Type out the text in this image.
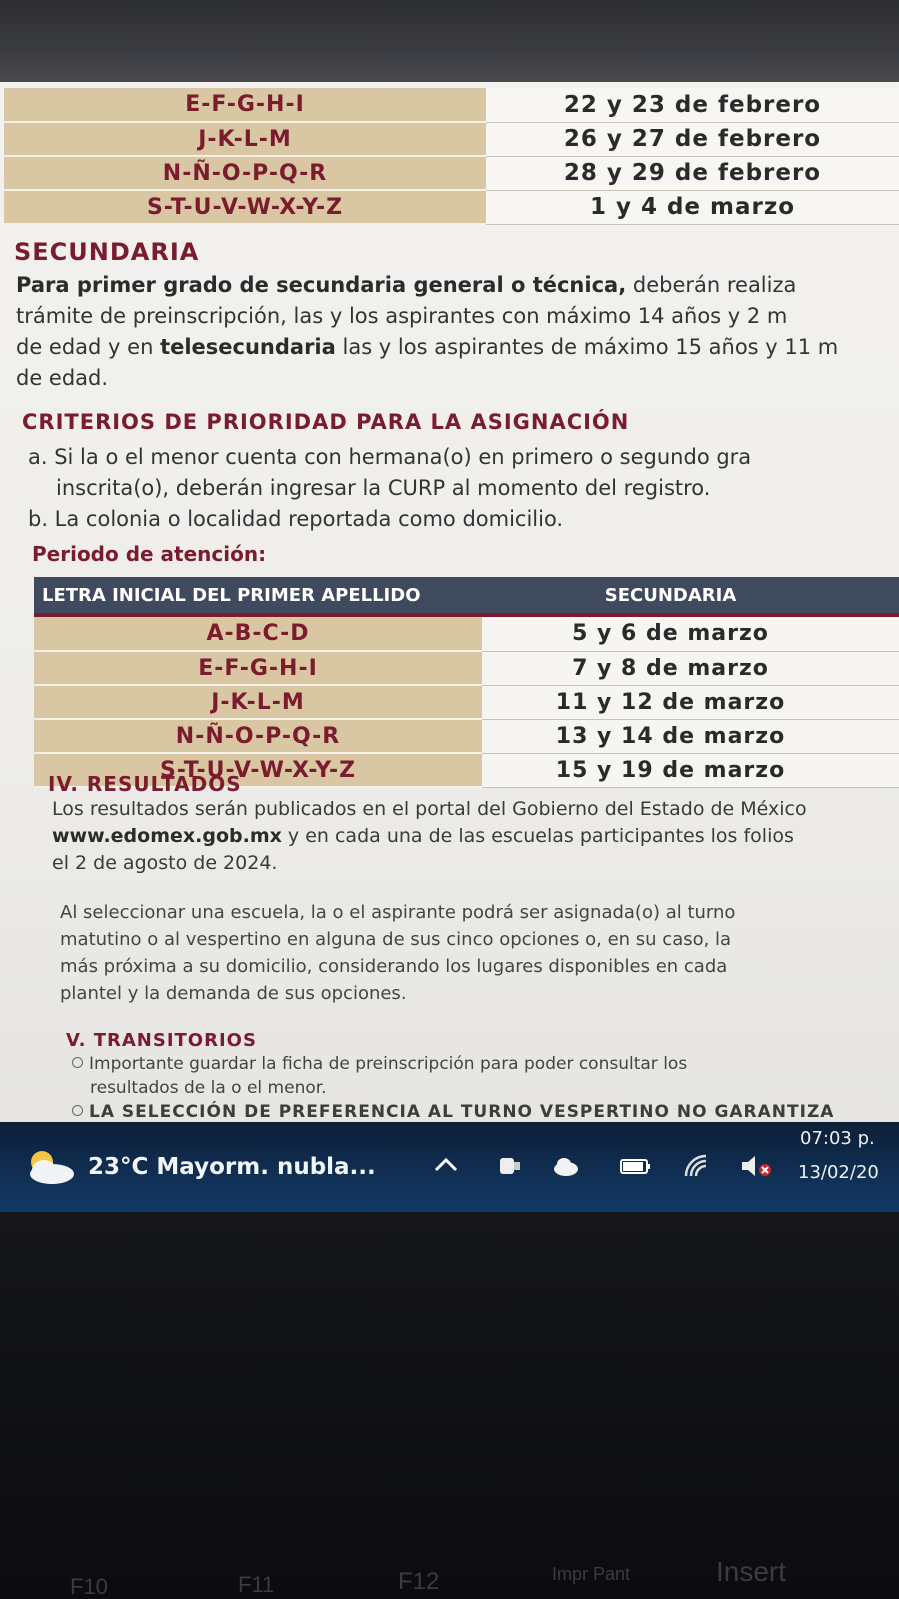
E-F-G-H-I	22 y 23 de febrero
J-K-L-M	26 y 27 de febrero
N-Ñ-O-P-Q-R	28 y 29 de febrero
S-T-U-V-W-X-Y-Z	1 y 4 de marzo
SECUNDARIA
Para primer grado de secundaria general o técnica, deberán realiza
trámite de preinscripción, las y los aspirantes con máximo 14 años y 2 m
de edad y en telesecundaria las y los aspirantes de máximo 15 años y 11 m
de edad.
CRITERIOS DE PRIORIDAD PARA LA ASIGNACIÓN
a. Si la o el menor cuenta con hermana(o) en primero o segundo gra
inscrita(o), deberán ingresar la CURP al momento del registro.
b. La colonia o localidad reportada como domicilio.
Periodo de atención:
LETRA INICIAL DEL PRIMER APELLIDO	SECUNDARIA

A-B-C-D	5 y 6 de marzo
E-F-G-H-I	7 y 8 de marzo
J-K-L-M	11 y 12 de marzo
N-Ñ-O-P-Q-R	13 y 14 de marzo
S-T-U-V-W-X-Y-Z	15 y 19 de marzo
IV. RESULTADOS
Los resultados serán publicados en el portal del Gobierno del Estado de México
www.edomex.gob.mx y en cada una de las escuelas participantes los folios
el 2 de agosto de 2024.
Al seleccionar una escuela, la o el aspirante podrá ser asignada(o) al turno
matutino o al vespertino en alguna de sus cinco opciones o, en su caso, la
más próxima a su domicilio, considerando los lugares disponibles en cada
plantel y la demanda de sus opciones.
V. TRANSITORIOS
Importante guardar la ficha de preinscripción para poder consultar los
resultados de la o el menor.
LA SELECCIÓN DE PREFERENCIA AL TURNO VESPERTINO NO GARANTIZA
23°C Mayorm. nubla...
07:03 p.
13/02/20
F10	F11	F12	Impr Pant	Insert
